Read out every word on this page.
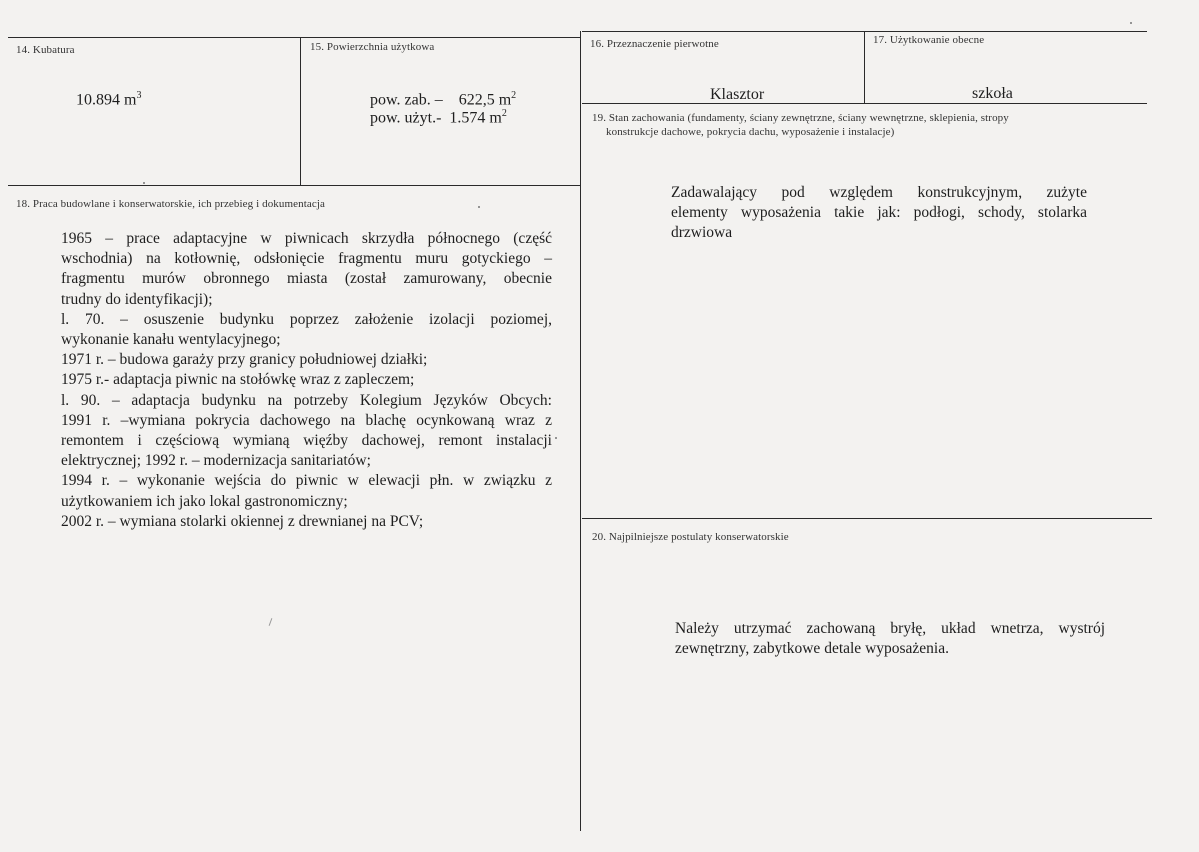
14. Kubatura
10.894 $m^3$
15. Powierzchnia użytkowa
pow. zab. –    622,5 $m^2$
pow. użyt.-  1.574 $m^2$
16. Przeznaczenie pierwotne
Klasztor
17. Użytkowanie obecne
szkoła
18. Praca budowlane i konserwatorskie, ich przebieg i dokumentacja
1965 – prace adaptacyjne w piwnicach skrzydła północnego (część
wschodnia) na kotłownię, odsłonięcie fragmentu muru gotyckiego –
fragmentu murów obronnego miasta (został zamurowany, obecnie
trudny do identyfikacji);
l. 70. – osuszenie budynku poprzez założenie izolacji poziomej,
wykonanie kanału wentylacyjnego;
1971 r. – budowa garaży przy granicy południowej działki;
1975 r.- adaptacja piwnic na stołówkę wraz z zapleczem;
l. 90. – adaptacja budynku na potrzeby Kolegium Języków Obcych:
1991 r. –wymiana pokrycia dachowego na blachę ocynkowaną wraz z
remontem i częściową wymianą więźby dachowej, remont instalacji
elektrycznej; 1992 r. – modernizacja sanitariatów;
1994 r. – wykonanie wejścia do piwnic w elewacji płn. w związku z
użytkowaniem ich jako lokal gastronomiczny;
2002 r. – wymiana stolarki okiennej z drewnianej na PCV;
19. Stan zachowania (fundamenty, ściany zewnętrzne, ściany wewnętrzne, sklepienia, stropy
konstrukcje dachowe, pokrycia dachu, wyposażenie i instalacje)
Zadawalający pod względem konstrukcyjnym, zużyte
elementy wyposażenia takie jak: podłogi, schody, stolarka
drzwiowa
20. Najpilniejsze postulaty konserwatorskie
Należy utrzymać zachowaną bryłę, układ wnetrza, wystrój
zewnętrzny, zabytkowe detale wyposażenia.
